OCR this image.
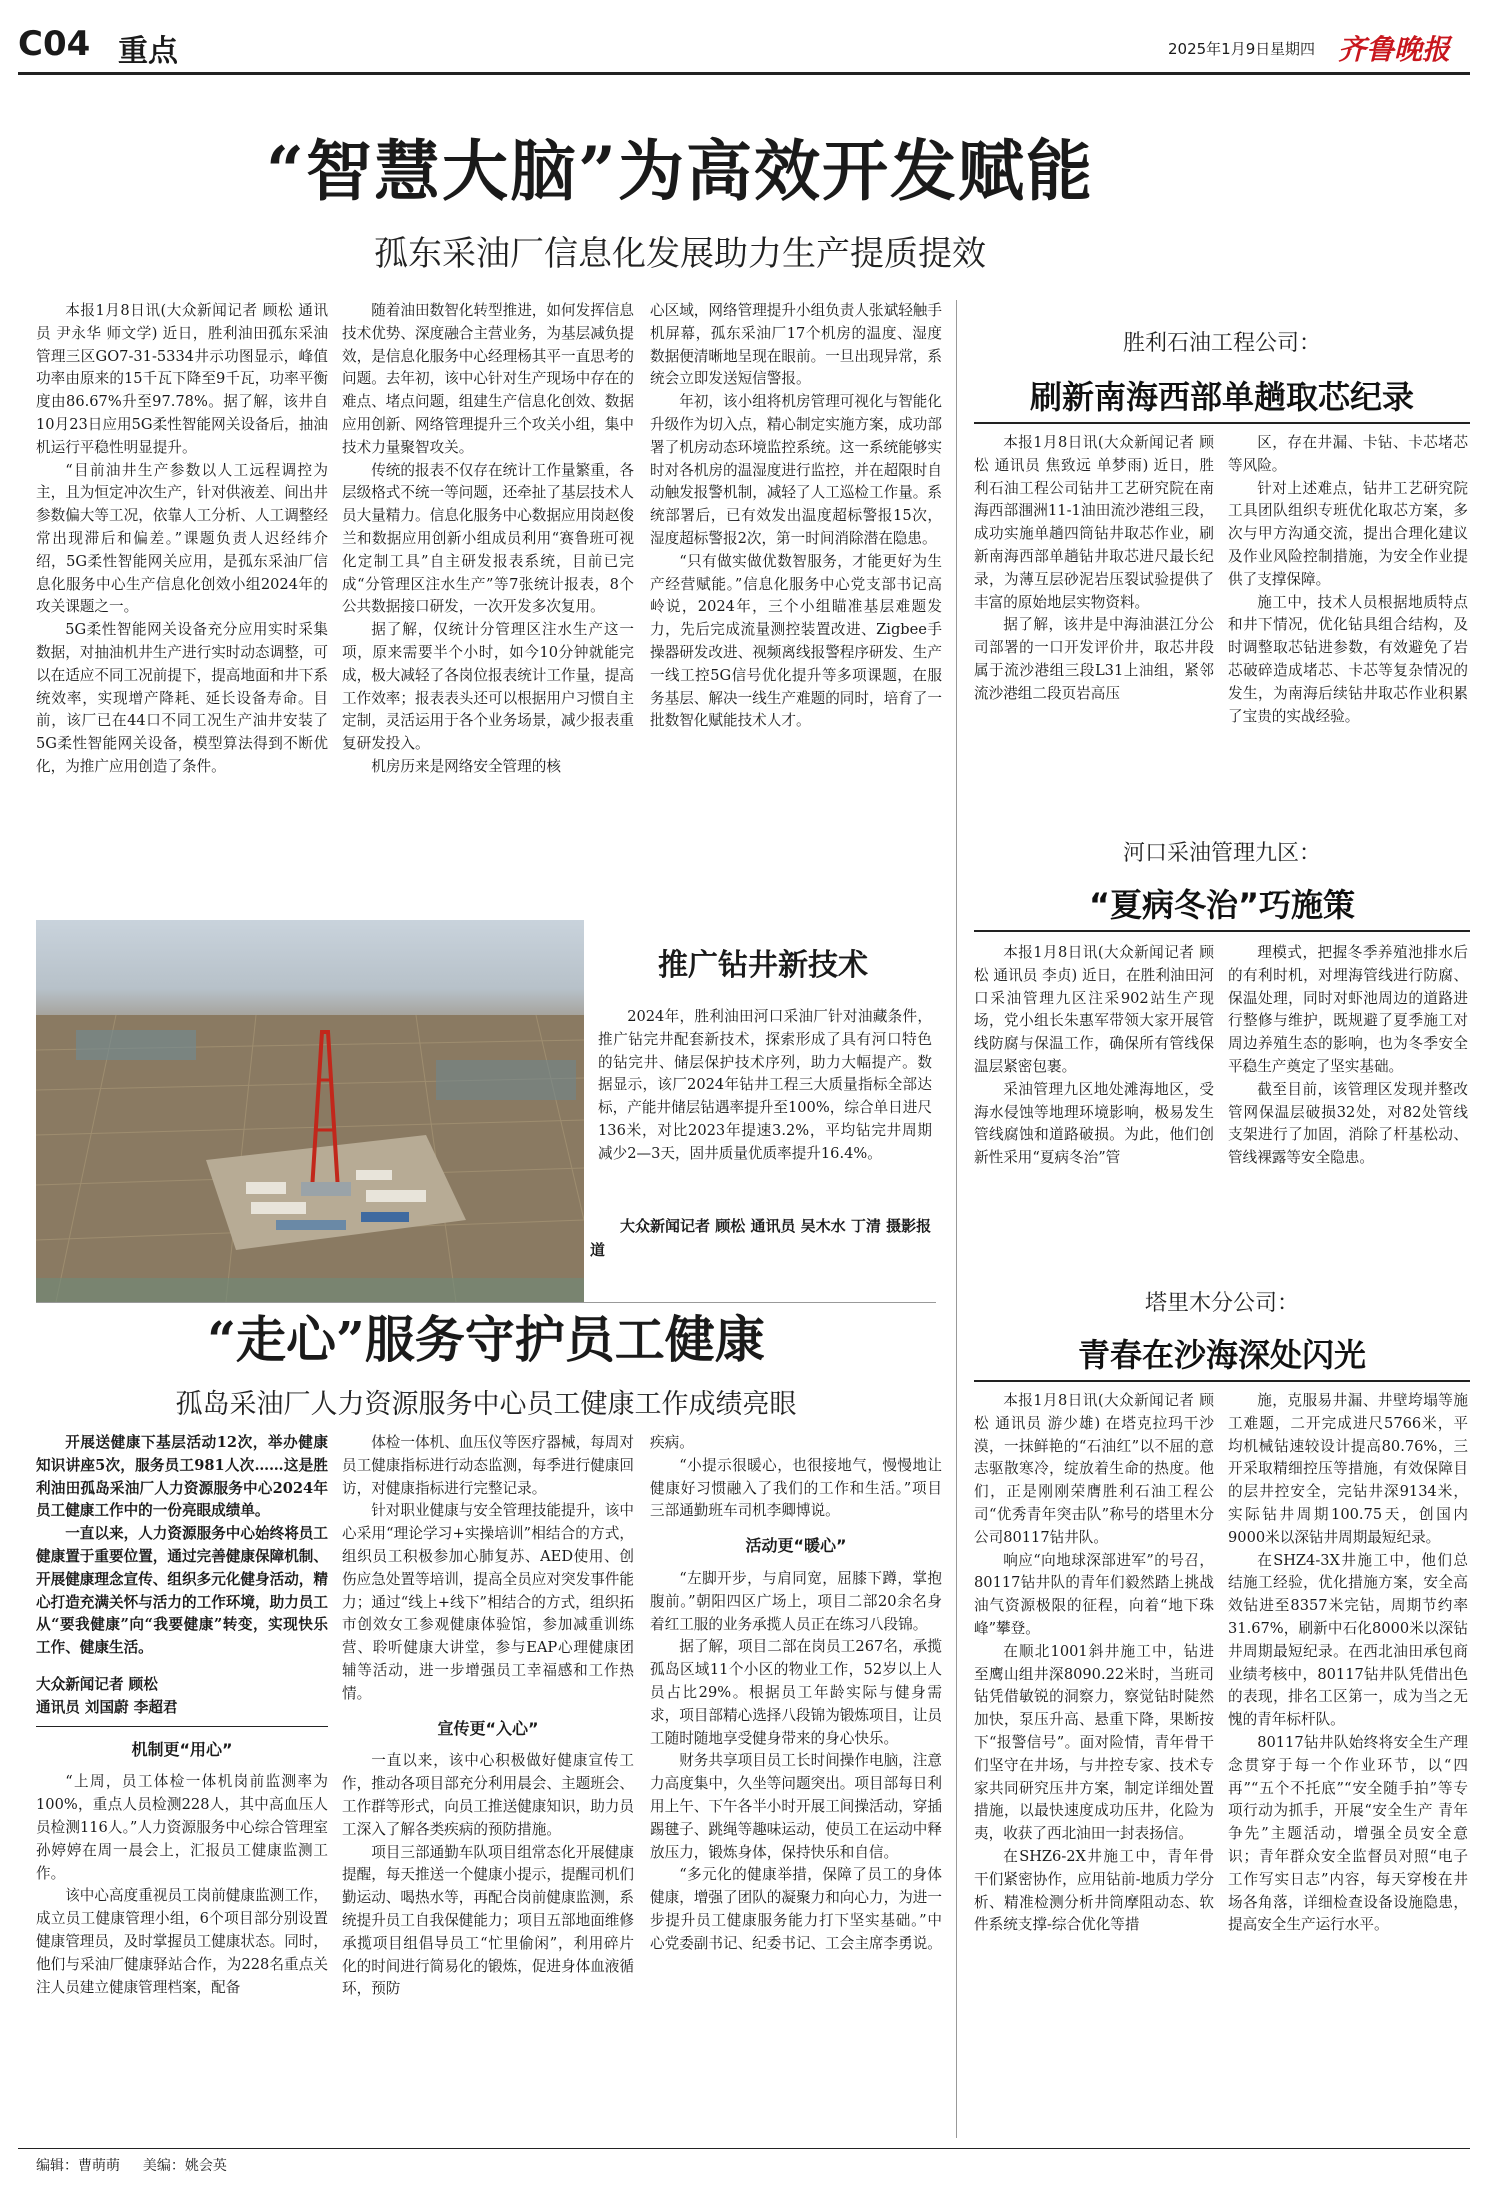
C04 重点	2025年1月9日 星期四 齐鲁晚报
“智慧大脑”为高效开发赋能
孤东采油厂信息化发展助力生产提质提效

本报1月8日讯(大众新闻记者 顾松 通讯员 尹永华 师文学) 近日，胜利油田孤东采油管理三区GO7-31-5334井示功图显示，峰值功率由原来的15千瓦下降至9千瓦，功率平衡度由86.67%升至97.78%。据了解，该井自10月23日应用5G柔性智能网关设备后，抽油机运行平稳性明显提升。

“目前油井生产参数以人工远程调控为主，且为恒定冲次生产，针对供液差、间出井参数偏大等工况，依靠人工分析、人工调整经常出现滞后和偏差。”课题负责人迟经纬介绍，5G柔性智能网关应用，是孤东采油厂信息化服务中心生产信息化创效小组2024年的攻关课题之一。

5G柔性智能网关设备充分应用实时采集数据，对抽油机井生产进行实时动态调整，可以在适应不同工况前提下，提高地面和井下系统效率，实现增产降耗、延长设备寿命。目前，该厂已在44口不同工况生产油井安装了5G柔性智能网关设备，模型算法得到不断优化，为推广应用创造了条件。

随着油田数智化转型推进，如何发挥信息技术优势、深度融合主营业务，为基层减负提效，是信息化服务中心经理杨其平一直思考的问题。去年初，该中心针对生产现场中存在的难点、堵点问题，组建生产信息化创效、数据应用创新、网络管理提升三个攻关小组，集中技术力量聚智攻关。

传统的报表不仅存在统计工作量繁重，各层级格式不统一等问题，还牵扯了基层技术人员大量精力。信息化服务中心数据应用岗赵俊兰和数据应用创新小组成员利用“赛鲁班可视化定制工具”自主研发报表系统，目前已完成“分管理区注水生产”等7张统计报表，8个公共数据接口研发，一次开发多次复用。

据了解，仅统计分管理区注水生产这一项，原来需要半个小时，如今10分钟就能完成，极大减轻了各岗位报表统计工作量，提高工作效率；报表表头还可以根据用户习惯自主定制，灵活运用于各个业务场景，减少报表重复研发投入。

机房历来是网络安全管理的核

心区域，网络管理提升小组负责人张斌轻触手机屏幕，孤东采油厂17个机房的温度、湿度数据便清晰地呈现在眼前。一旦出现异常，系统会立即发送短信警报。

年初，该小组将机房管理可视化与智能化升级作为切入点，精心制定实施方案，成功部署了机房动态环境监控系统。这一系统能够实时对各机房的温湿度进行监控，并在超限时自动触发报警机制，减轻了人工巡检工作量。系统部署后，已有效发出温度超标警报15次，湿度超标警报2次，第一时间消除潜在隐患。

“只有做实做优数智服务，才能更好为生产经营赋能。”信息化服务中心党支部书记高岭说，2024年，三个小组瞄准基层难题发力，先后完成流量测控装置改进、Zigbee手操器研发改进、视频离线报警程序研发、生产一线工控5G信号优化提升等多项课题，在服务基层、解决一线生产难题的同时，培育了一批数智化赋能技术人才。

推广钻井新技术

2024年，胜利油田河口采油厂针对油藏条件，推广钻完井配套新技术，探索形成了具有河口特色的钻完井、储层保护技术序列，助力大幅提产。数据显示，该厂2024年钻井工程三大质量指标全部达标，产能井储层钻遇率提升至100%，综合单日进尺136米，对比2023年提速3.2%，平均钻完井周期减少2—3天，固井质量优质率提升16.4%。

大众新闻记者 顾松 通讯员 吴木水 丁清 摄影报道
胜利石油工程公司：
刷新南海西部单趟取芯纪录

本报1月8日讯(大众新闻记者 顾松 通讯员 焦致远 单梦雨) 近日，胜利石油工程公司钻井工艺研究院在南海西部涠洲11-1油田流沙港组三段，成功实施单趟四筒钻井取芯作业，刷新南海西部单趟钻井取芯进尺最长纪录，为薄互层砂泥岩压裂试验提供了丰富的原始地层实物资料。

据了解，该井是中海油湛江分公司部署的一口开发评价井，取芯井段属于流沙港组三段L31上油组，紧邻流沙港组二段页岩高压

区，存在井漏、卡钻、卡芯堵芯等风险。

针对上述难点，钻井工艺研究院工具团队组织专班优化取芯方案，多次与甲方沟通交流，提出合理化建议及作业风险控制措施，为安全作业提供了支撑保障。

施工中，技术人员根据地质特点和井下情况，优化钻具组合结构，及时调整取芯钻进参数，有效避免了岩芯破碎造成堵芯、卡芯等复杂情况的发生，为南海后续钻井取芯作业积累了宝贵的实战经验。

河口采油管理九区：
“夏病冬治”巧施策

本报1月8日讯(大众新闻记者 顾松 通讯员 李贞) 近日，在胜利油田河口采油管理九区注采902站生产现场，党小组长朱惠军带领大家开展管线防腐与保温工作，确保所有管线保温层紧密包裹。

采油管理九区地处滩海地区，受海水侵蚀等地理环境影响，极易发生管线腐蚀和道路破损。为此，他们创新性采用“夏病冬治”管

理模式，把握冬季养殖池排水后的有利时机，对埋海管线进行防腐、保温处理，同时对虾池周边的道路进行整修与维护，既规避了夏季施工对周边养殖生态的影响，也为冬季安全平稳生产奠定了坚实基础。

截至目前，该管理区发现并整改管网保温层破损32处，对82处管线支架进行了加固，消除了杆基松动、管线裸露等安全隐患。

塔里木分公司：
青春在沙海深处闪光

本报1月8日讯(大众新闻记者 顾松 通讯员 游少雄) 在塔克拉玛干沙漠，一抹鲜艳的“石油红”以不屈的意志驱散寒冷，绽放着生命的热度。他们，正是刚刚荣膺胜利石油工程公司“优秀青年突击队”称号的塔里木分公司80117钻井队。

响应“向地球深部进军”的号召，80117钻井队的青年们毅然踏上挑战油气资源极限的征程，向着“地下珠峰”攀登。

在顺北1001斜井施工中，钻进至鹰山组井深8090.22米时，当班司钻凭借敏锐的洞察力，察觉钻时陡然加快，泵压升高、悬重下降，果断按下“报警信号”。面对险情，青年骨干们坚守在井场，与井控专家、技术专家共同研究压井方案，制定详细处置措施，以最快速度成功压井，化险为夷，收获了西北油田一封表扬信。

在SHZ6-2X井施工中，青年骨干们紧密协作，应用钻前-地质力学分析、精准检测分析井筒摩阻动态、软件系统支撑-综合优化等措

施，克服易井漏、井壁垮塌等施工难题，二开完成进尺5766米，平均机械钻速较设计提高80.76%，三开采取精细控压等措施，有效保障目的层井控安全，完钻井深9134米，实际钻井周期100.75天，创国内9000米以深钻井周期最短纪录。

在SHZ4-3X井施工中，他们总结施工经验，优化措施方案，安全高效钻进至8357米完钻，周期节约率31.67%，刷新中石化8000米以深钻井周期最短纪录。在西北油田承包商业绩考核中，80117钻井队凭借出色的表现，排名工区第一，成为当之无愧的青年标杆队。

80117钻井队始终将安全生产理念贯穿于每一个作业环节，以“四再”“五个不托底”“安全随手拍”等专项行动为抓手，开展“安全生产 青年争先”主题活动，增强全员安全意识；青年群众安全监督员对照“电子工作写实日志”内容，每天穿梭在井场各角落，详细检查设备设施隐患，提高安全生产运行水平。

“走心”服务守护员工健康
孤岛采油厂人力资源服务中心员工健康工作成绩亮眼

开展送健康下基层活动12次，举办健康知识讲座5次，服务员工981人次……这是胜利油田孤岛采油厂人力资源服务中心2024年员工健康工作中的一份亮眼成绩单。

一直以来，人力资源服务中心始终将员工健康置于重要位置，通过完善健康保障机制、开展健康理念宣传、组织多元化健身活动，精心打造充满关怀与活力的工作环境，助力员工从“要我健康”向“我要健康”转变，实现快乐工作、健康生活。

大众新闻记者 顾松

通讯员 刘国蔚 李超君

机制更“用心”

“上周，员工体检一体机岗前监测率为100%，重点人员检测228人，其中高血压人员检测116人。”人力资源服务中心综合管理室孙婷婷在周一晨会上，汇报员工健康监测工作。

该中心高度重视员工岗前健康监测工作，成立员工健康管理小组，6个项目部分别设置健康管理员，及时掌握员工健康状态。同时，他们与采油厂健康驿站合作，为228名重点关注人员建立健康管理档案，配备

体检一体机、血压仪等医疗器械，每周对员工健康指标进行动态监测，每季进行健康回访，对健康指标进行完整记录。

针对职业健康与安全管理技能提升，该中心采用“理论学习+实操培训”相结合的方式，组织员工积极参加心肺复苏、AED使用、创伤应急处置等培训，提高全员应对突发事件能力；通过“线上+线下”相结合的方式，组织拓市创效女工参观健康体验馆，参加减重训练营、聆听健康大讲堂，参与EAP心理健康团辅等活动，进一步增强员工幸福感和工作热情。

宣传更“入心”

一直以来，该中心积极做好健康宣传工作，推动各项目部充分利用晨会、主题班会、工作群等形式，向员工推送健康知识，助力员工深入了解各类疾病的预防措施。

项目三部通勤车队项目组常态化开展健康提醒，每天推送一个健康小提示，提醒司机们勤运动、喝热水等，再配合岗前健康监测，系统提升员工自我保健能力；项目五部地面维修承揽项目组倡导员工“忙里偷闲”，利用碎片化的时间进行简易化的锻炼，促进身体血液循环，预防

疾病。

“小提示很暖心，也很接地气，慢慢地让健康好习惯融入了我们的工作和生活。”项目三部通勤班车司机李卿博说。

活动更“暖心”

“左脚开步，与肩同宽，屈膝下蹲，掌抱腹前。”朝阳四区广场上，项目二部20余名身着红工服的业务承揽人员正在练习八段锦。

据了解，项目二部在岗员工267名，承揽孤岛区域11个小区的物业工作，52岁以上人员占比29%。根据员工年龄实际与健身需求，项目部精心选择八段锦为锻炼项目，让员工随时随地享受健身带来的身心快乐。

财务共享项目员工长时间操作电脑，注意力高度集中，久坐等问题突出。项目部每日利用上午、下午各半小时开展工间操活动，穿插踢毽子、跳绳等趣味运动，使员工在运动中释放压力，锻炼身体，保持快乐和自信。

“多元化的健康举措，保障了员工的身体健康，增强了团队的凝聚力和向心力，为进一步提升员工健康服务能力打下坚实基础。”中心党委副书记、纪委书记、工会主席李勇说。

编辑：曹萌萌 美编：姚会英
